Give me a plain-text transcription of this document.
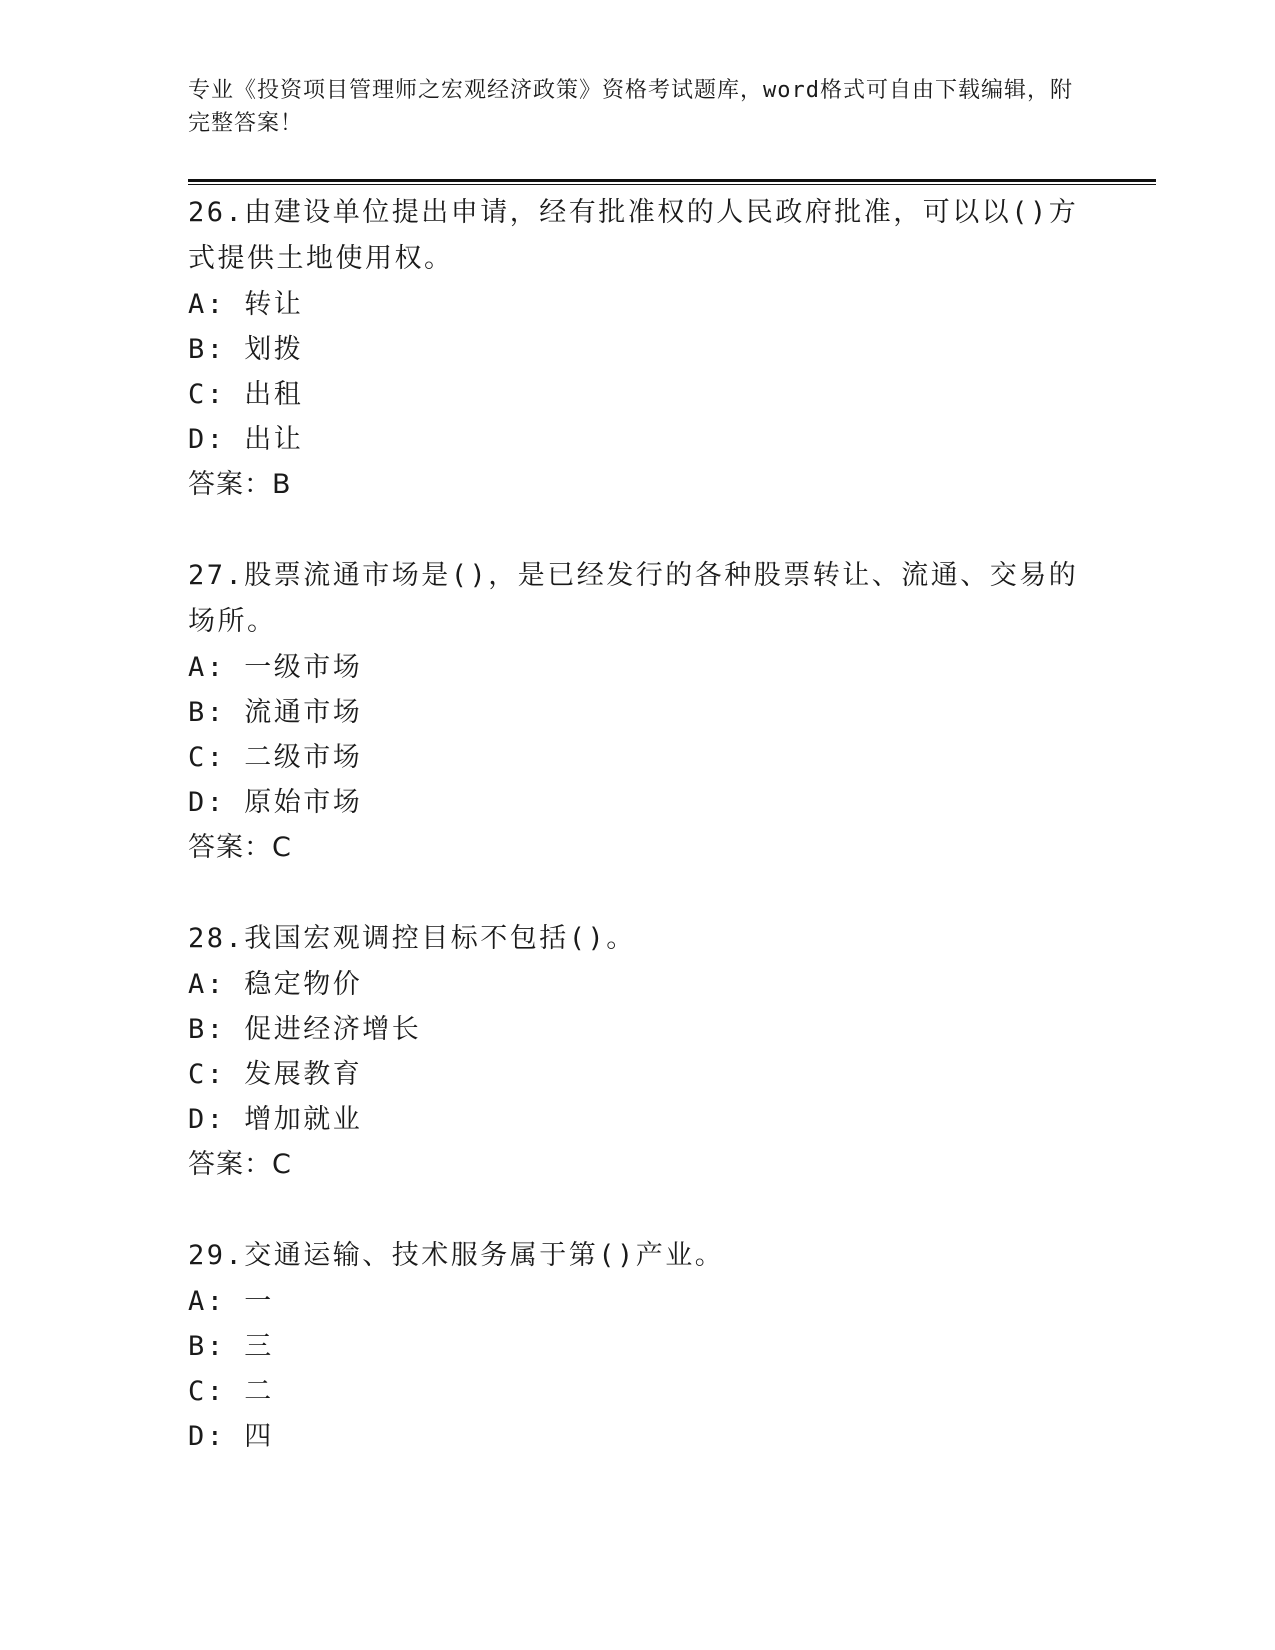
专业《投资项目管理师之宏观经济政策》资格考试题库，word格式可自由下载编辑，附完整答案！
26.由建设单位提出申请，经有批准权的人民政府批准，可以以()方式提供土地使用权。
A: 转让
B: 划拨
C: 出租
D: 出让
答案：B
27.股票流通市场是()，是已经发行的各种股票转让、流通、交易的场所。
A: 一级市场
B: 流通市场
C: 二级市场
D: 原始市场
答案：C
28.我国宏观调控目标不包括()。
A: 稳定物价
B: 促进经济增长
C: 发展教育
D: 增加就业
答案：C
29.交通运输、技术服务属于第()产业。
A: 一
B: 三
C: 二
D: 四
